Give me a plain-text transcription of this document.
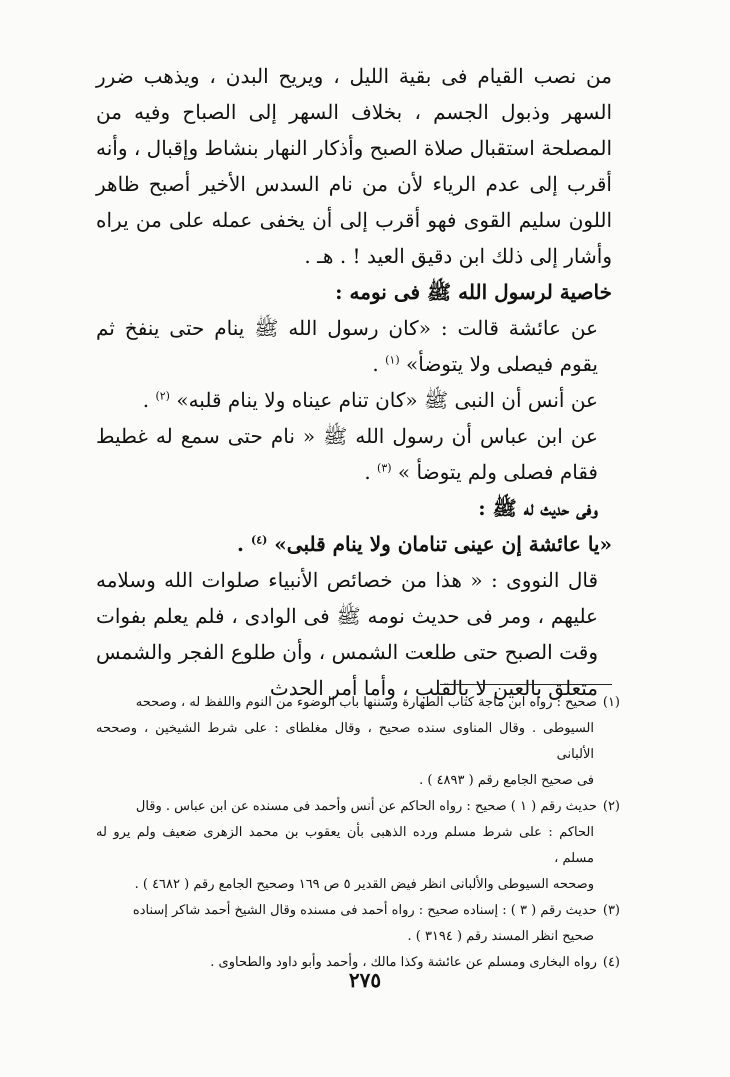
من نصب القيام فى بقية الليل ، ويريح البدن ، ويذهب ضرر السهر وذبول الجسم ، بخلاف السهر إلى الصباح وفيه من المصلحة استقبال صلاة الصبح وأذكار النهار بنشاط وإقبال ، وأنه أقرب إلى عدم الرياء لأن من نام السدس الأخير أصبح ظاهر اللون سليم القوى فهو أقرب إلى أن يخفى عمله على من يراه وأشار إلى ذلك ابن دقيق العيد ! . هـ .

خاصية لرسول الله ﷺ فى نومه :

عن عائشة قالت : «كان رسول الله ﷺ ينام حتى ينفخ ثم يقوم فيصلى ولا يتوضأ» $^{(١)}$ .

عن أنس أن النبى ﷺ «كان تنام عيناه ولا ينام قلبه» $^{(٢)}$ .

عن ابن عباس أن رسول الله ﷺ « نام حتى سمع له غطيط فقام فصلى ولم يتوضأ » $^{(٣)}$ .

وفى حديث له ﷺ :

«يا عائشة إن عينى تنامان ولا ينام قلبى» $^{(٤)}$ .

قال النووى : « هذا من خصائص الأنبياء صلوات الله وسلامه عليهم ، ومر فى حديث نومه ﷺ فى الوادى ، فلم يعلم بفوات وقت الصبح حتى طلعت الشمس ، وأن طلوع الفجر والشمس متعلق بالعين لا بالقلب ، وأما أمر الحدث

(١)صحيح : رواه ابن ماجة كتاب الطهارة وسننها باب الوضوء من النوم واللفظ له ، وصححه

السيوطى . وقال المناوى سنده صحيح ، وقال مغلطاى : على شرط الشيخين ، وصححه الألبانى

فى صحيح الجامع رقم ( ٤٨٩٣ ) .

(٢)حديث رقم ( ١ ) صحيح : رواه الحاكم عن أنس وأحمد فى مسنده عن ابن عباس . وقال

الحاكم : على شرط مسلم ورده الذهبى بأن يعقوب بن محمد الزهرى ضعيف ولم يرو له مسلم ،

وصححه السيوطى والألبانى انظر فيض القدير ٥ ص ١٦٩ وصحيح الجامع رقم ( ٤٦٨٢ ) .

(٣)حديث رقم ( ٣ ) : إسناده صحيح : رواه أحمد فى مسنده وقال الشيخ أحمد شاكر إسناده

صحيح انظر المسند رقم ( ٣١٩٤ ) .

(٤)رواه البخارى ومسلم عن عائشة وكذا مالك ، وأحمد وأبو داود والطحاوى .

٢٧٥
